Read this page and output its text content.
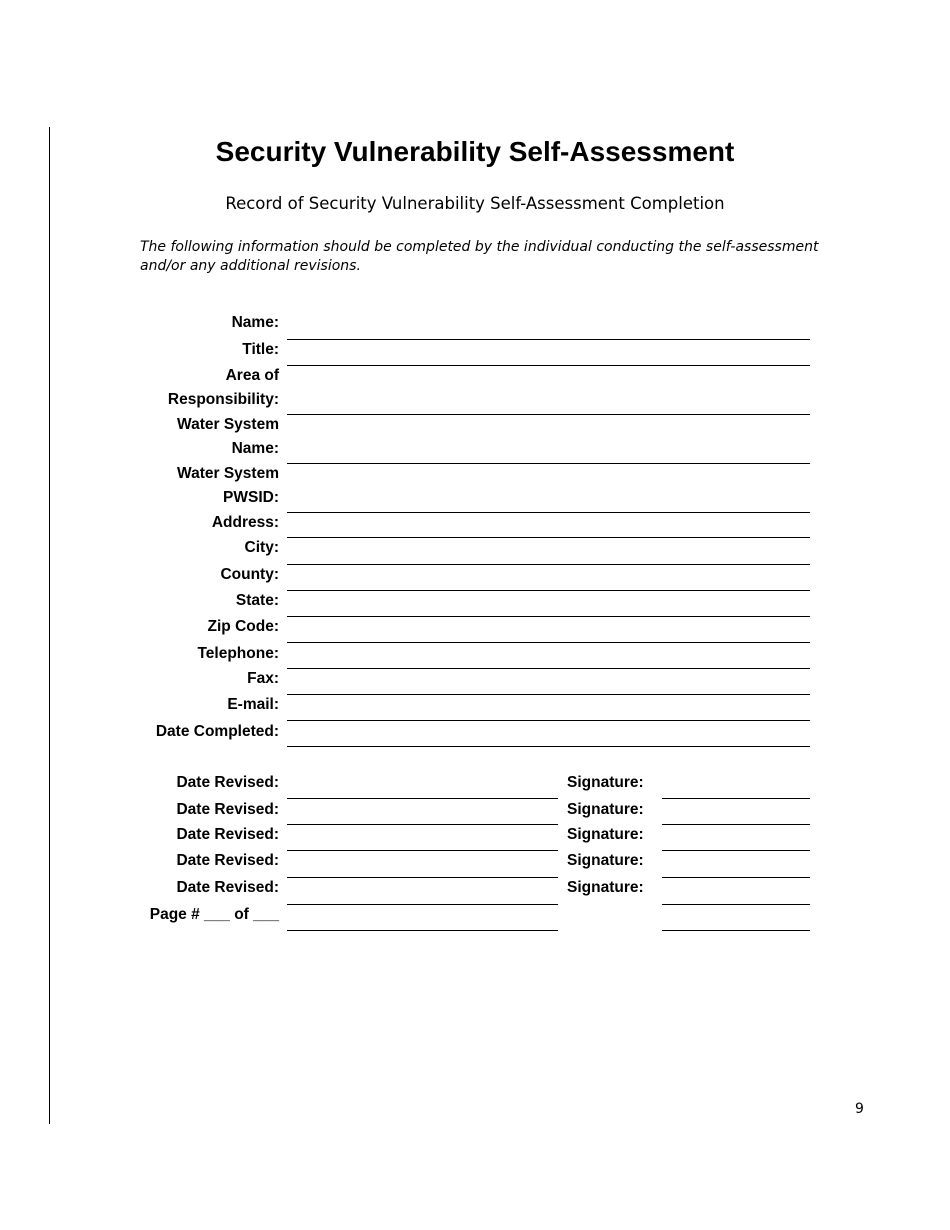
Security Vulnerability Self-Assessment
Record of Security Vulnerability Self-Assessment Completion
The following information should be completed by the individual conducting the self-assessment
and/or any additional revisions.
Name:
Title:
Area of
Responsibility:
Water System
Name:
Water System
PWSID:
Address:
City:
County:
State:
Zip Code:
Telephone:
Fax:
E-mail:
Date Completed:
Date Revised:	Signature:
Date Revised:	Signature:
Date Revised:	Signature:
Date Revised:	Signature:
Date Revised:	Signature:
Page # ___ of ___
9
